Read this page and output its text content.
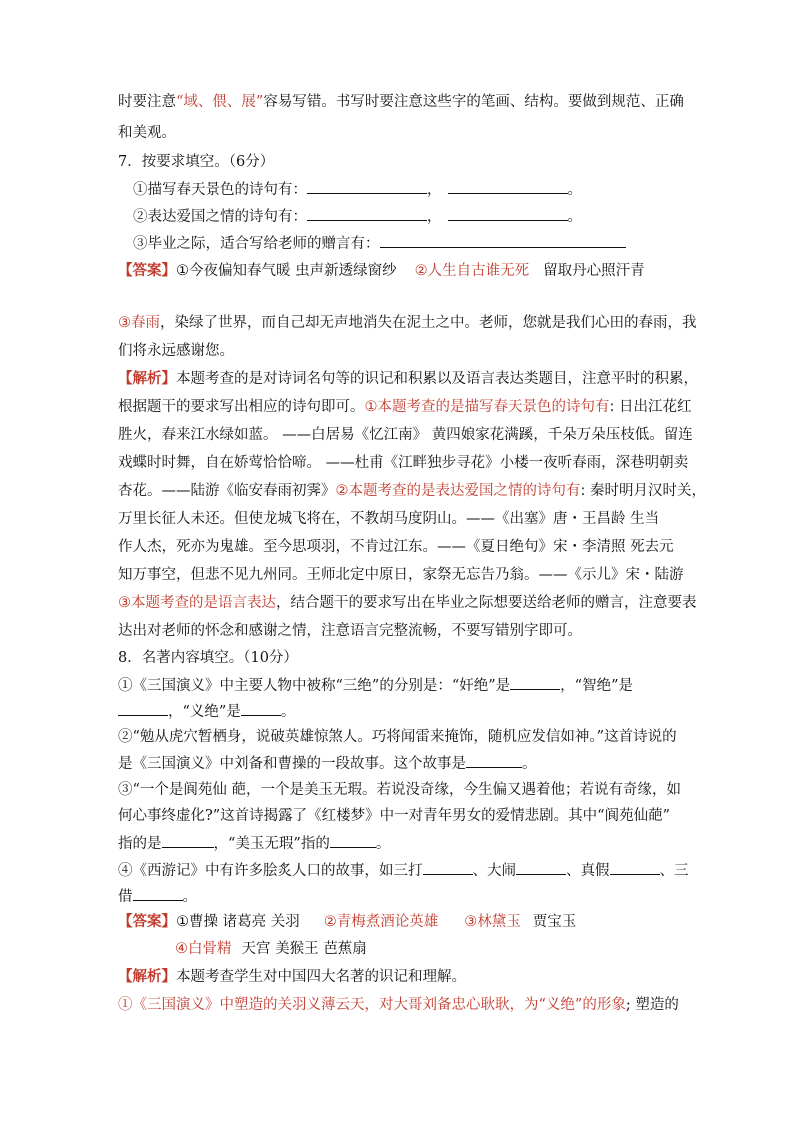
时要注意“域、偎、展”容易写错。书写时要注意这些字的笔画、结构。要做到规范、正确
和美观。
7．按要求填空。（6分）
①描写春天景色的诗句有：	，	。
②表达爱国之情的诗句有：	，	。
③毕业之际，适合写给老师的赠言有：
【答案】①今夜偏知春气暖 虫声新透绿窗纱 ②人生自古谁无死 留取丹心照汗青
③春雨，染绿了世界，而自己却无声地消失在泥土之中。老师，您就是我们心田的春雨，我
们将永远感谢您。
【解析】本题考查的是对诗词名句等的识记和积累以及语言表达类题目，注意平时的积累，
根据题干的要求写出相应的诗句即可。①本题考查的是描写春天景色的诗句有: 日出江花红
胜火，春来江水绿如蓝。 ——白居易《忆江南》 黄四娘家花满蹊，千朵万朵压枝低。留连
戏蝶时时舞，自在娇莺恰恰啼。 ——杜甫《江畔独步寻花》小楼一夜听春雨，深巷明朝卖
杏花。——陆游《临安春雨初霁》②本题考查的是表达爱国之情的诗句有: 秦时明月汉时关，
万里长征人未还。但使龙城飞将在，不教胡马度阴山。——《出塞》唐・王昌龄 生当
作人杰，死亦为鬼雄。至今思项羽，不肯过江东。——《夏日绝句》宋・李清照 死去元
知万事空，但悲不见九州同。王师北定中原日，家祭无忘告乃翁。——《示儿》宋・陆游
③本题考查的是语言表达，结合题干的要求写出在毕业之际想要送给老师的赠言，注意要表
达出对老师的怀念和感谢之情，注意语言完整流畅，不要写错别字即可。
8．名著内容填空。（10分）
①《三国演义》中主要人物中被称“三绝”的分别是：“奸绝”是	，“智绝”是
，“义绝”是	。
②“勉从虎穴暂栖身，说破英雄惊煞人。巧将闻雷来掩饰，随机应发信如神。”这首诗说的
是《三国演义》中刘备和曹操的一段故事。这个故事是	。
③“一个是阆苑仙 葩，一个是美玉无瑕。若说没奇缘，今生偏又遇着他；若说有奇缘，如
何心事终虚化?”这首诗揭露了《红楼梦》中一对青年男女的爱情悲剧。其中“阆苑仙葩”
指的是	，“美玉无瑕”指的	。
④《西游记》中有许多脍炙人口的故事，如三打	、大闹	、真假	、三
借	。
【答案】①曹操 诸葛亮 关羽 ②青梅煮酒论英雄 ③林黛玉 贾宝玉
④白骨精 天宫 美猴王 芭蕉扇
【解析】本题考查学生对中国四大名著的识记和理解。
①《三国演义》中塑造的关羽义薄云天，对大哥刘备忠心耿耿，为“义绝”的形象; 塑造的
